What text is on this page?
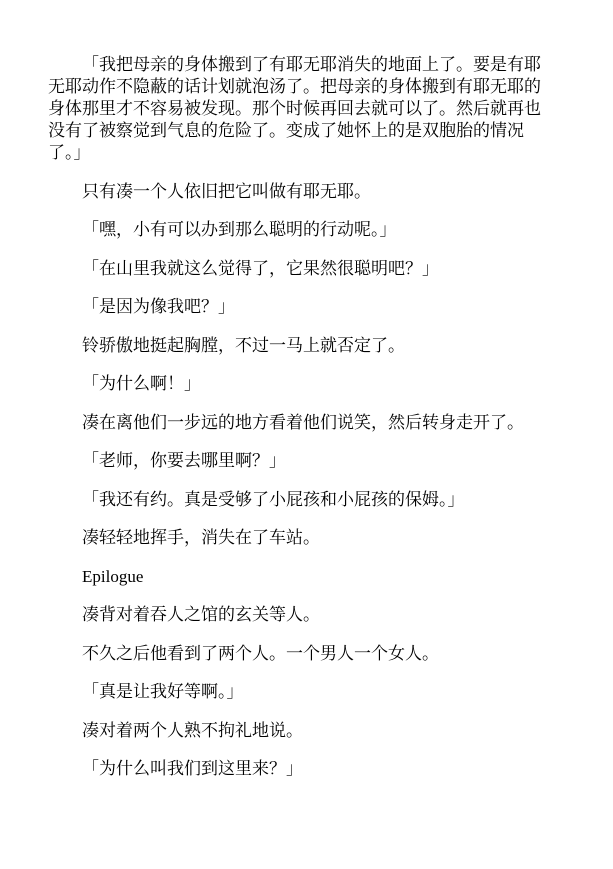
「我把母亲的身体搬到了有耶无耶消失的地面上了。要是有耶无耶动作不隐蔽的话计划就泡汤了。把母亲的身体搬到有耶无耶的身体那里才不容易被发现。那个时候再回去就可以了。然后就再也没有了被察觉到气息的危险了。变成了她怀上的是双胞胎的情况了。」

只有凑一个人依旧把它叫做有耶无耶。

「嘿，小有可以办到那么聪明的行动呢。」

「在山里我就这么觉得了，它果然很聪明吧？」

「是因为像我吧？」

铃骄傲地挺起胸膛，不过一马上就否定了。

「为什么啊！」

凑在离他们一步远的地方看着他们说笑，然后转身走开了。

「老师，你要去哪里啊？」

「我还有约。真是受够了小屁孩和小屁孩的保姆。」

凑轻轻地挥手，消失在了车站。

Epilogue

凑背对着吞人之馆的玄关等人。

不久之后他看到了两个人。一个男人一个女人。

「真是让我好等啊。」

凑对着两个人熟不拘礼地说。

「为什么叫我们到这里来？」
